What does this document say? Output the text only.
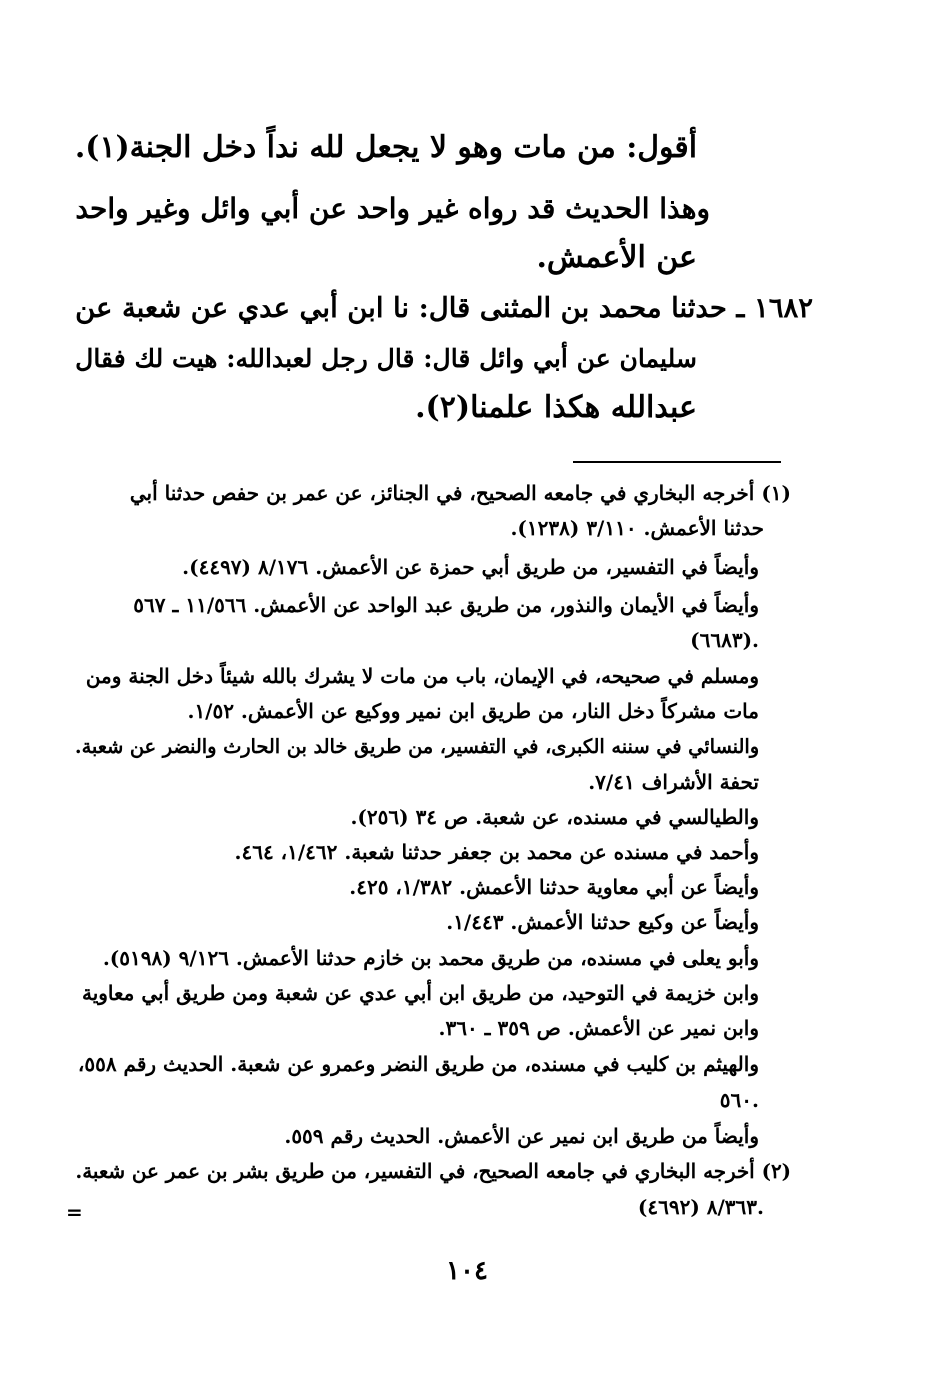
أقول: من مات وهو لا يجعل لله نداً دخل الجنة(١).
وهذا الحديث قد رواه غير واحد عن أبي وائل وغير واحد
عن الأعمش.
١٦٨٢ ـ حدثنا محمد بن المثنى قال: نا ابن أبي عدي عن شعبة عن
سليمان عن أبي وائل قال: قال رجل لعبدالله: هيت لك فقال
عبدالله هكذا علمنا(٢).
(١) أخرجه البخاري في جامعه الصحيح، في الجنائز، عن عمر بن حفص حدثنا أبي
حدثنا الأعمش. ٣/١١٠ (١٢٣٨).
وأيضاً في التفسير، من طريق أبي حمزة عن الأعمش. ٨/١٧٦ (٤٤٩٧).
وأيضاً في الأيمان والنذور، من طريق عبد الواحد عن الأعمش. ١١/٥٦٦ ـ ٥٦٧
(٦٦٨٣).
ومسلم في صحيحه، في الإيمان، باب من مات لا يشرك بالله شيئاً دخل الجنة ومن
مات مشركاً دخل النار، من طريق ابن نمير ووكيع عن الأعمش. ١/٥٢.
والنسائي في سننه الكبرى، في التفسير، من طريق خالد بن الحارث والنضر عن شعبة.
تحفة الأشراف ٧/٤١.
والطيالسي في مسنده، عن شعبة. ص ٣٤ (٢٥٦).
وأحمد في مسنده عن محمد بن جعفر حدثنا شعبة. ١/٤٦٢، ٤٦٤.
وأيضاً عن أبي معاوية حدثنا الأعمش. ١/٣٨٢، ٤٢٥.
وأيضاً عن وكيع حدثنا الأعمش. ١/٤٤٣.
وأبو يعلى في مسنده، من طريق محمد بن خازم حدثنا الأعمش. ٩/١٢٦ (٥١٩٨).
وابن خزيمة في التوحيد، من طريق ابن أبي عدي عن شعبة ومن طريق أبي معاوية
وابن نمير عن الأعمش. ص ٣٥٩ ـ ٣٦٠.
والهيثم بن كليب في مسنده، من طريق النضر وعمرو عن شعبة. الحديث رقم ٥٥٨،
٥٦٠.
وأيضاً من طريق ابن نمير عن الأعمش. الحديث رقم ٥٥٩.
(٢) أخرجه البخاري في جامعه الصحيح، في التفسير، من طريق بشر بن عمر عن شعبة.
٨/٣٦٣ (٤٦٩٢).
=
١٠٤
